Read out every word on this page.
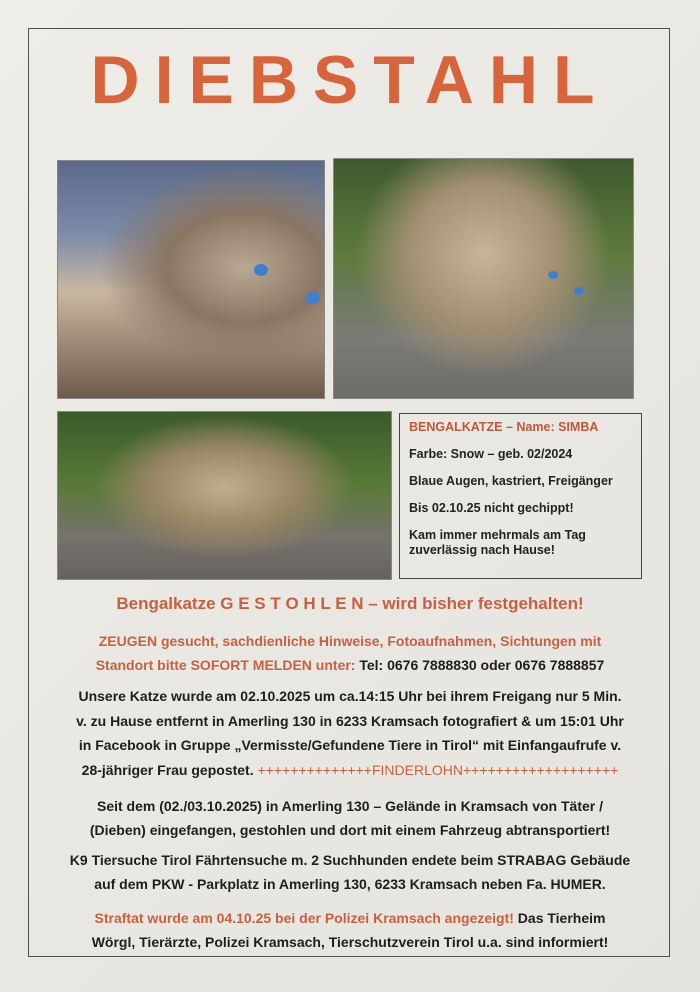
DIEBSTAHL
BENGALKATZE – Name: SIMBA
Farbe: Snow – geb. 02/2024
Blaue Augen, kastriert, Freigänger
Bis 02.10.25 nicht gechippt!
Kam immer mehrmals am Tag
zuverlässig nach Hause!
Bengalkatze G E S T O H L E N – wird bisher festgehalten!
ZEUGEN gesucht, sachdienliche Hinweise, Fotoaufnahmen, Sichtungen mit
Standort bitte SOFORT MELDEN unter: Tel: 0676 7888830 oder 0676 7888857
Unsere Katze wurde am 02.10.2025 um ca.14:15 Uhr bei ihrem Freigang nur 5 Min.
v. zu Hause entfernt in Amerling 130 in 6233 Kramsach fotografiert & um 15:01 Uhr
in Facebook in Gruppe „Vermisste/Gefundene Tiere in Tirol“ mit Einfangaufrufe v.
28-jähriger Frau gepostet. ++++++++++++++FINDERLOHN+++++++++++++++++++
Seit dem (02./03.10.2025) in Amerling 130 – Gelände in Kramsach von Täter /
(Dieben) eingefangen, gestohlen und dort mit einem Fahrzeug abtransportiert!
K9 Tiersuche Tirol Fährtensuche m. 2 Suchhunden endete beim STRABAG Gebäude
auf dem PKW - Parkplatz in Amerling 130, 6233 Kramsach neben Fa. HUMER.
Straftat wurde am 04.10.25 bei der Polizei Kramsach angezeigt! Das Tierheim
Wörgl, Tierärzte, Polizei Kramsach, Tierschutzverein Tirol u.a. sind informiert!
